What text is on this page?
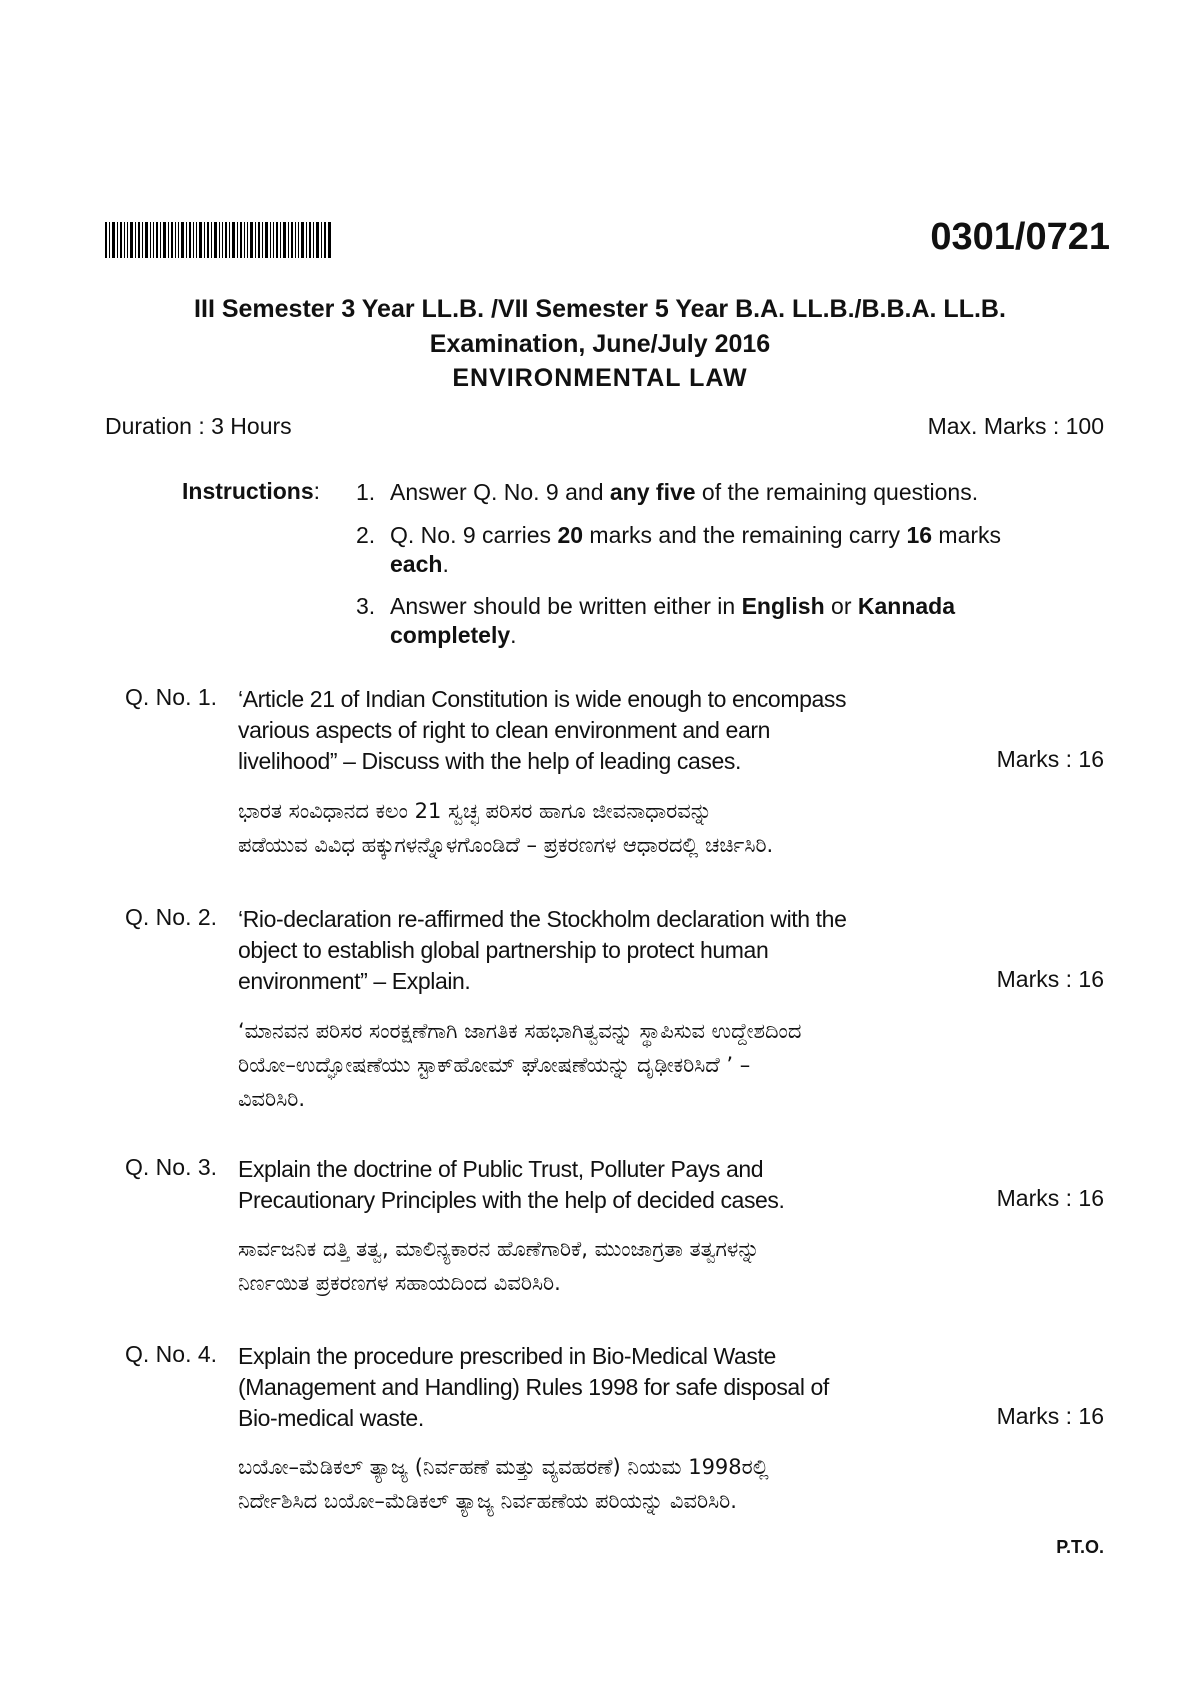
0301/0721
III Semester 3 Year LL.B. /VII Semester 5 Year B.A. LL.B./B.B.A. LL.B.
Examination, June/July 2016
ENVIRONMENTAL LAW
Duration : 3 Hours	Max. Marks : 100
Instructions: 1. Answer Q. No. 9 and any five of the remaining questions.
2. Q. No. 9 carries 20 marks and the remaining carry 16 marks each.
3. Answer should be written either in English or Kannada completely.
Q. No. 1. ‘Article 21 of Indian Constitution is wide enough to encompass
various aspects of right to clean environment and earn
livelihood” – Discuss with the help of leading cases.	Marks : 16
ಭಾರತ ಸಂವಿಧಾನದ ಕಲಂ 21 ಸ್ವಚ್ಛ ಪರಿಸರ ಹಾಗೂ ಜೀವನಾಧಾರವನ್ನು
ಪಡೆಯುವ ವಿವಿಧ ಹಕ್ಕುಗಳನ್ನೊಳಗೊಂಡಿದೆ – ಪ್ರಕರಣಗಳ ಆಧಾರದಲ್ಲಿ ಚರ್ಚಿಸಿರಿ.
Q. No. 2. ‘Rio-declaration re-affirmed the Stockholm declaration with the
object to establish global partnership to protect human
environment” – Explain.	Marks : 16
‘ಮಾನವನ ಪರಿಸರ ಸಂರಕ್ಷಣೆಗಾಗಿ ಜಾಗತಿಕ ಸಹಭಾಗಿತ್ವವನ್ನು ಸ್ಥಾಪಿಸುವ ಉದ್ದೇಶದಿಂದ
ರಿಯೋ–ಉದ್ಘೋಷಣೆಯು ಸ್ಟಾಕ್‌ಹೋಮ್ ಘೋಷಣೆಯನ್ನು ದೃಢೀಕರಿಸಿದೆ ’ –
ವಿವರಿಸಿರಿ.
Q. No. 3. Explain the doctrine of Public Trust, Polluter Pays and
Precautionary Principles with the help of decided cases.	Marks : 16
ಸಾರ್ವಜನಿಕ ದತ್ತಿ ತತ್ವ, ಮಾಲಿನ್ಯಕಾರನ ಹೊಣೆಗಾರಿಕೆ, ಮುಂಜಾಗ್ರತಾ ತತ್ವಗಳನ್ನು
ನಿರ್ಣಯಿತ ಪ್ರಕರಣಗಳ ಸಹಾಯದಿಂದ ವಿವರಿಸಿರಿ.
Q. No. 4. Explain the procedure prescribed in Bio-Medical Waste
(Management and Handling) Rules 1998 for safe disposal of
Bio-medical waste.	Marks : 16
ಬಯೋ–ಮೆಡಿಕಲ್ ತ್ಯಾಜ್ಯ (ನಿರ್ವಹಣೆ ಮತ್ತು ವ್ಯವಹರಣೆ) ನಿಯಮ 1998ರಲ್ಲಿ
ನಿರ್ದೇಶಿಸಿದ ಬಯೋ–ಮೆಡಿಕಲ್ ತ್ಯಾಜ್ಯ ನಿರ್ವಹಣೆಯ ಪರಿಯನ್ನು ವಿವರಿಸಿರಿ.
P.T.O.
